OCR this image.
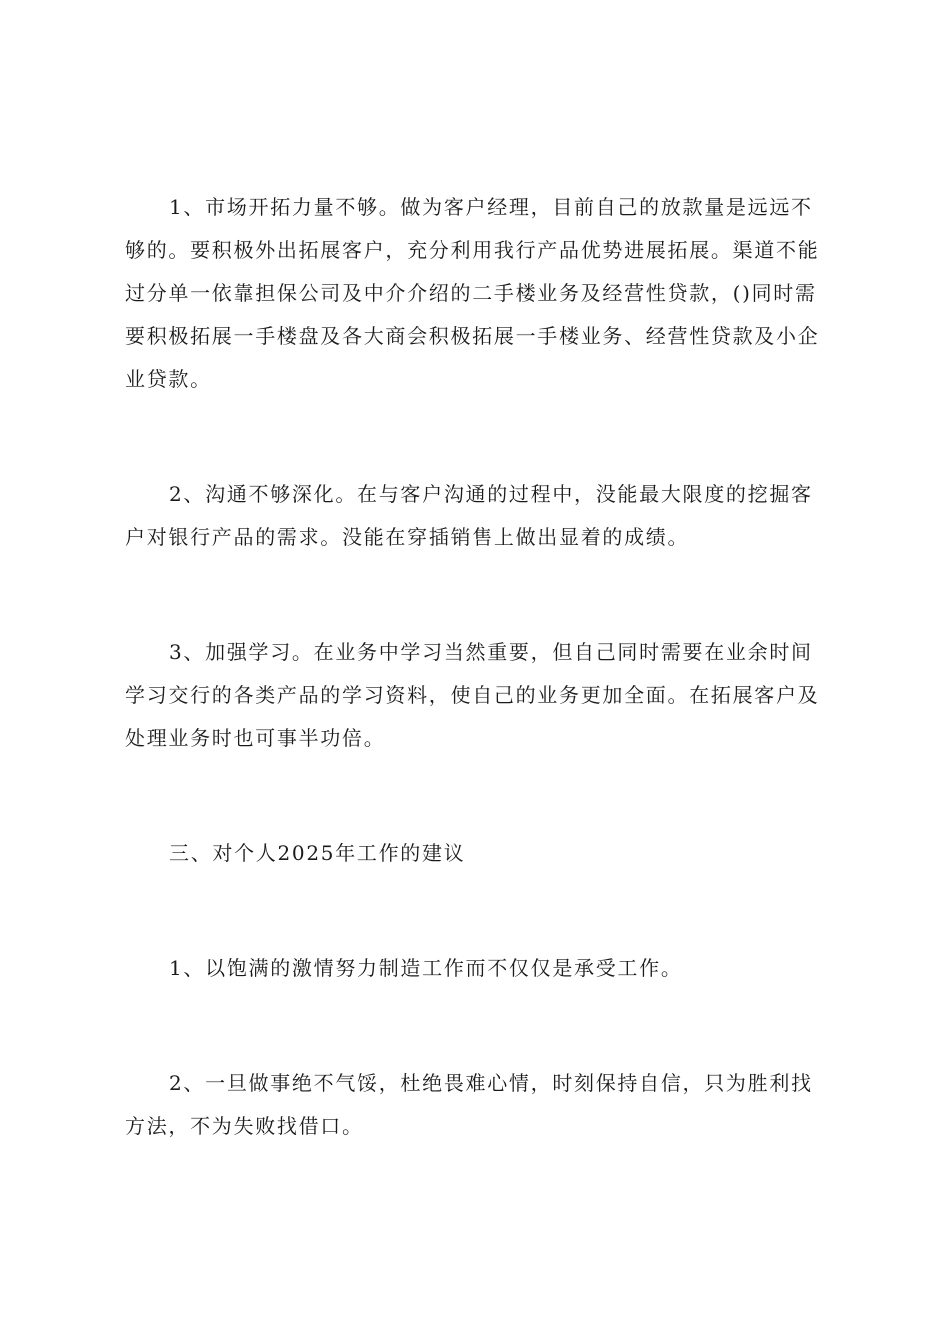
1、市场开拓力量不够。做为客户经理，目前自己的放款量是远远不够的。要积极外出拓展客户，充分利用我行产品优势进展拓展。渠道不能过分单一依靠担保公司及中介介绍的二手楼业务及经营性贷款，()同时需要积极拓展一手楼盘及各大商会积极拓展一手楼业务、经营性贷款及小企业贷款。

2、沟通不够深化。在与客户沟通的过程中，没能最大限度的挖掘客户对银行产品的需求。没能在穿插销售上做出显着的成绩。

3、加强学习。在业务中学习当然重要，但自己同时需要在业余时间学习交行的各类产品的学习资料，使自己的业务更加全面。在拓展客户及处理业务时也可事半功倍。

三、对个人2025年工作的建议

1、以饱满的激情努力制造工作而不仅仅是承受工作。

2、一旦做事绝不气馁，杜绝畏难心情，时刻保持自信，只为胜利找方法，不为失败找借口。
